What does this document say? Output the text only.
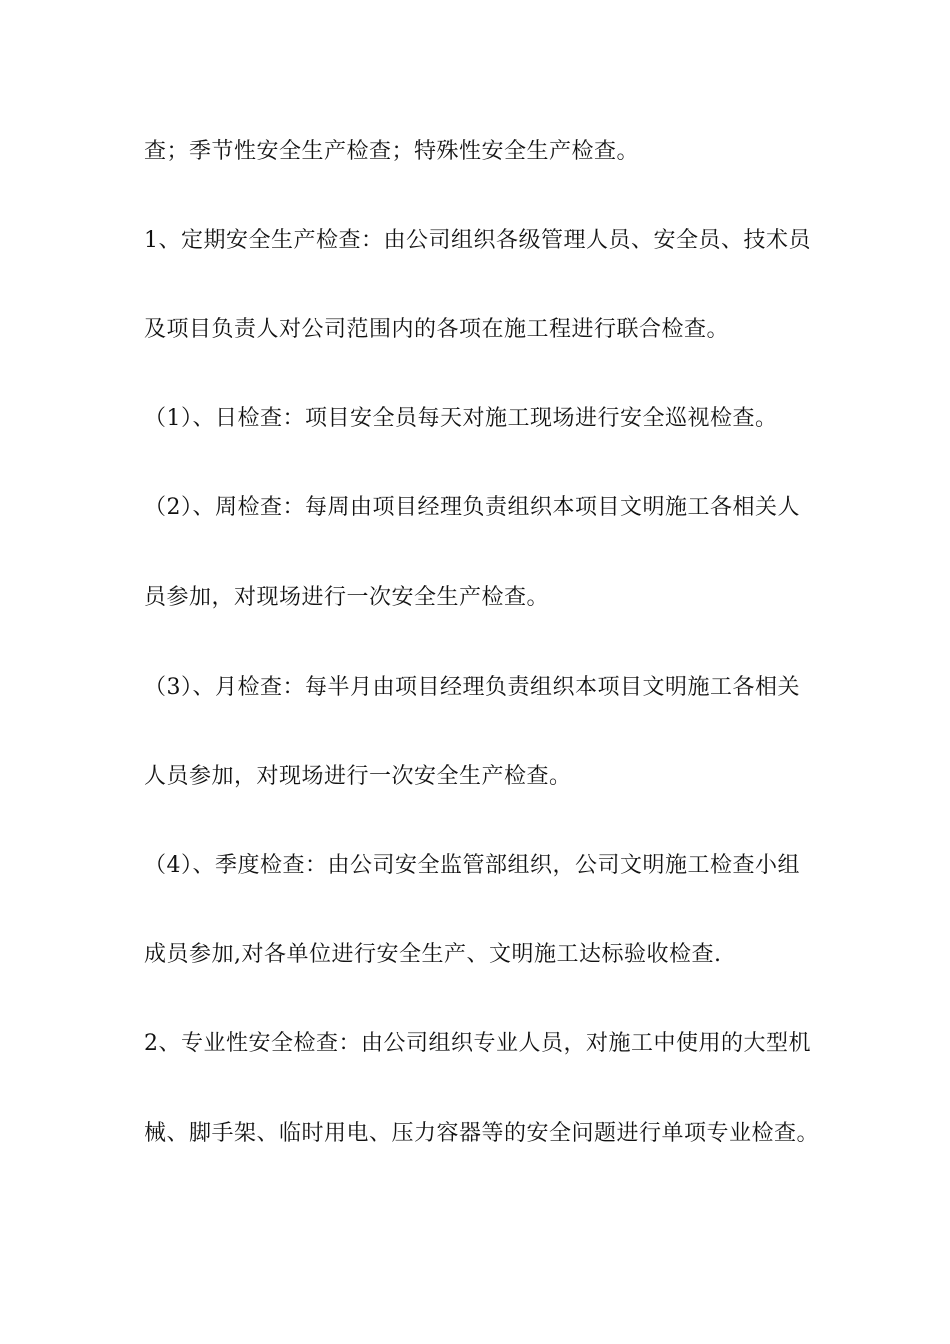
查；季节性安全生产检查；特殊性安全生产检查。
1、定期安全生产检查：由公司组织各级管理人员、安全员、技术员
及项目负责人对公司范围内的各项在施工程进行联合检查。
（1）、日检查：项目安全员每天对施工现场进行安全巡视检查。
（2）、周检查：每周由项目经理负责组织本项目文明施工各相关人
员参加，对现场进行一次安全生产检查。
（3）、月检查：每半月由项目经理负责组织本项目文明施工各相关
人员参加，对现场进行一次安全生产检查。
（4）、季度检查：由公司安全监管部组织，公司文明施工检查小组
成员参加,对各单位进行安全生产、文明施工达标验收检查.
2、专业性安全检查：由公司组织专业人员，对施工中使用的大型机
械、脚手架、临时用电、压力容器等的安全问题进行单项专业检查。
